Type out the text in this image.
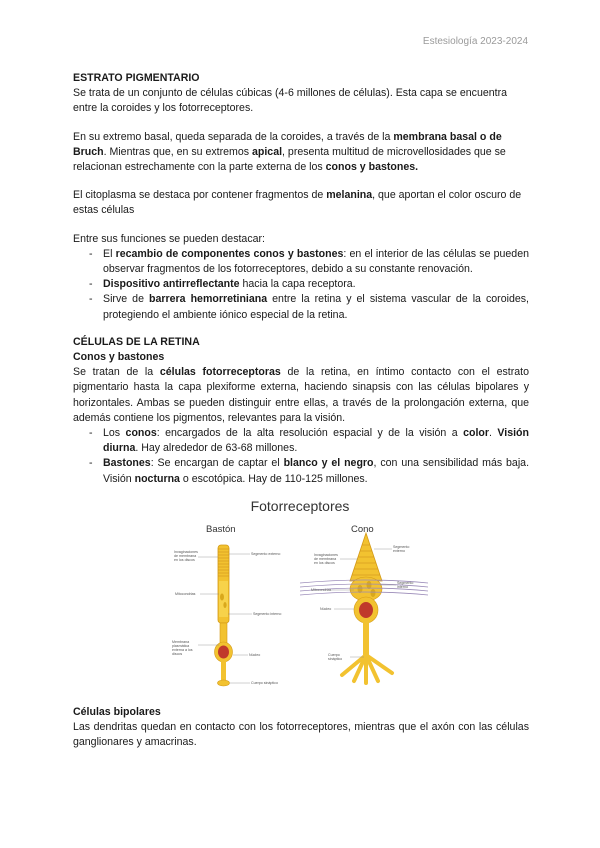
Estesiología 2023-2024

ESTRATO PIGMENTARIO

Se trata de un conjunto de células cúbicas (4-6 millones de células). Esta capa se encuentra entre la coroides y los fotorreceptores.

En su extremo basal, queda separada de la coroides, a través de la membrana basal o de Bruch. Mientras que, en su extremos apical, presenta multitud de microvellosidades que se relacionan estrechamente con la parte externa de los conos y bastones.

El citoplasma se destaca por contener fragmentos de melanina, que aportan el color oscuro de estas células

Entre sus funciones se pueden destacar:

- El recambio de componentes conos y bastones: en el interior de las células se pueden observar fragmentos de los fotorreceptores, debido a su constante renovación.
- Dispositivo antirreflectante hacia la capa receptora.
- Sirve de barrera hemorretiniana entre la retina y el sistema vascular de la coroides, protegiendo el ambiente iónico especial de la retina.

CÉLULAS DE LA RETINA

Conos y bastones

Se tratan de la células fotorreceptoras de la retina, en íntimo contacto con el estrato pigmentario hasta la capa plexiforme externa, haciendo sinapsis con las células bipolares y horizontales. Ambas se pueden distinguir entre ellas, a través de la prolongación externa, que además contiene los pigmentos, relevantes para la visión.

- Los conos: encargados de la alta resolución espacial y de la visión a color. Visión diurna. Hay alrededor de 63-68 millones.
- Bastones: Se encargan de captar el blanco y el negro, con una sensibilidad más baja. Visión nocturna o escotópica. Hay de 110-125 millones.
Fotorreceptores
Bastón	Cono
Invaginaciones de membrana en los discos
Segmento externo
Mitocondrias
Segmento interno
Membrana plasmática externa a los discos	Núcleo
Cuerpo sináptico
Invaginaciones de membrana en los discos
Segmento externo
Mitocondrias
Segmento interno
Núcleo
Cuerpo sináptico

Células bipolares

Las dendritas quedan en contacto con los fotorreceptores, mientras que el axón con las células ganglionares y amacrinas.
